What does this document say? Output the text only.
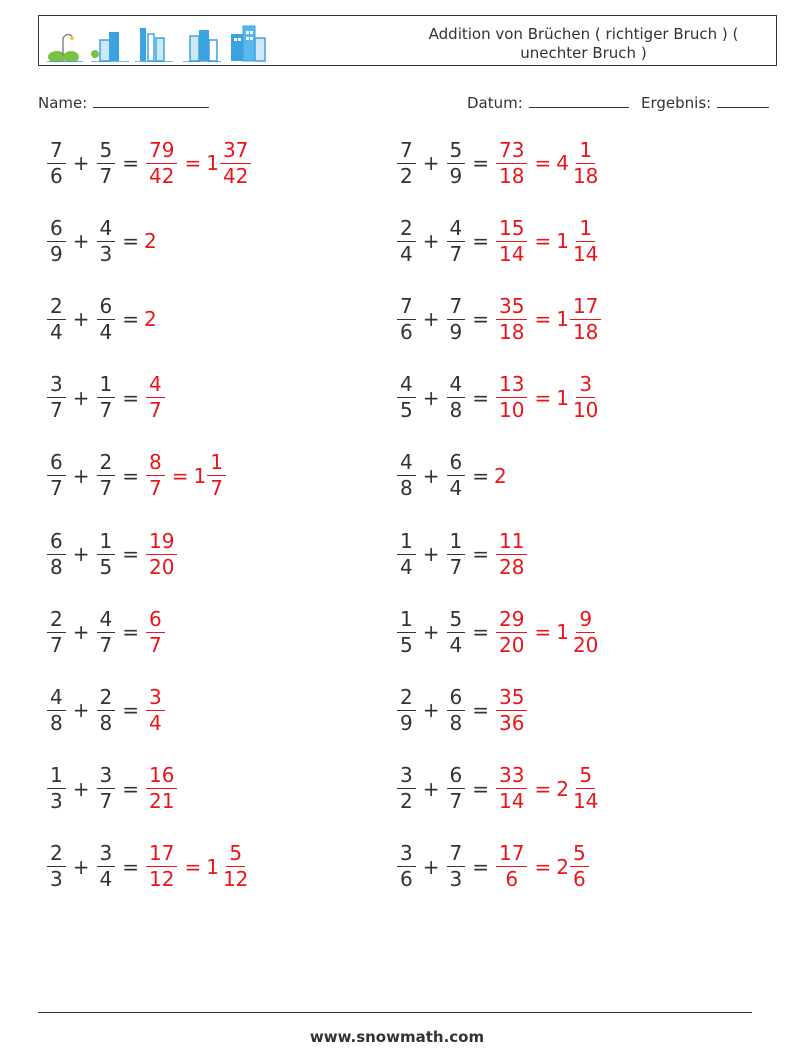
Addition von Brüchen ( richtiger Bruch ) (
unechter Bruch )
Name:	Datum:	Ergebnis:
$\frac{7}{6} + \frac{5}{7} = \frac{79}{42} = 1 \frac{37}{42}$	$\frac{7}{2} + \frac{5}{9} = \frac{73}{18} = 4 \frac{1}{18}$
$\frac{6}{9} + \frac{4}{3} = 2$	$\frac{2}{4} + \frac{4}{7} = \frac{15}{14} = 1 \frac{1}{14}$
$\frac{2}{4} + \frac{6}{4} = 2$	$\frac{7}{6} + \frac{7}{9} = \frac{35}{18} = 1 \frac{17}{18}$
$\frac{3}{7} + \frac{1}{7} = \frac{4}{7}$	$\frac{4}{5} + \frac{4}{8} = \frac{13}{10} = 1 \frac{3}{10}$
$\frac{6}{7} + \frac{2}{7} = \frac{8}{7} = 1 \frac{1}{7}$	$\frac{4}{8} + \frac{6}{4} = 2$
$\frac{6}{8} + \frac{1}{5} = \frac{19}{20}$	$\frac{1}{4} + \frac{1}{7} = \frac{11}{28}$
$\frac{2}{7} + \frac{4}{7} = \frac{6}{7}$	$\frac{1}{5} + \frac{5}{4} = \frac{29}{20} = 1 \frac{9}{20}$
$\frac{4}{8} + \frac{2}{8} = \frac{3}{4}$	$\frac{2}{9} + \frac{6}{8} = \frac{35}{36}$
$\frac{1}{3} + \frac{3}{7} = \frac{16}{21}$	$\frac{3}{2} + \frac{6}{7} = \frac{33}{14} = 2 \frac{5}{14}$
$\frac{2}{3} + \frac{3}{4} = \frac{17}{12} = 1 \frac{5}{12}$	$\frac{3}{6} + \frac{7}{3} = \frac{17}{6} = 2 \frac{5}{6}$
www.snowmath.com
